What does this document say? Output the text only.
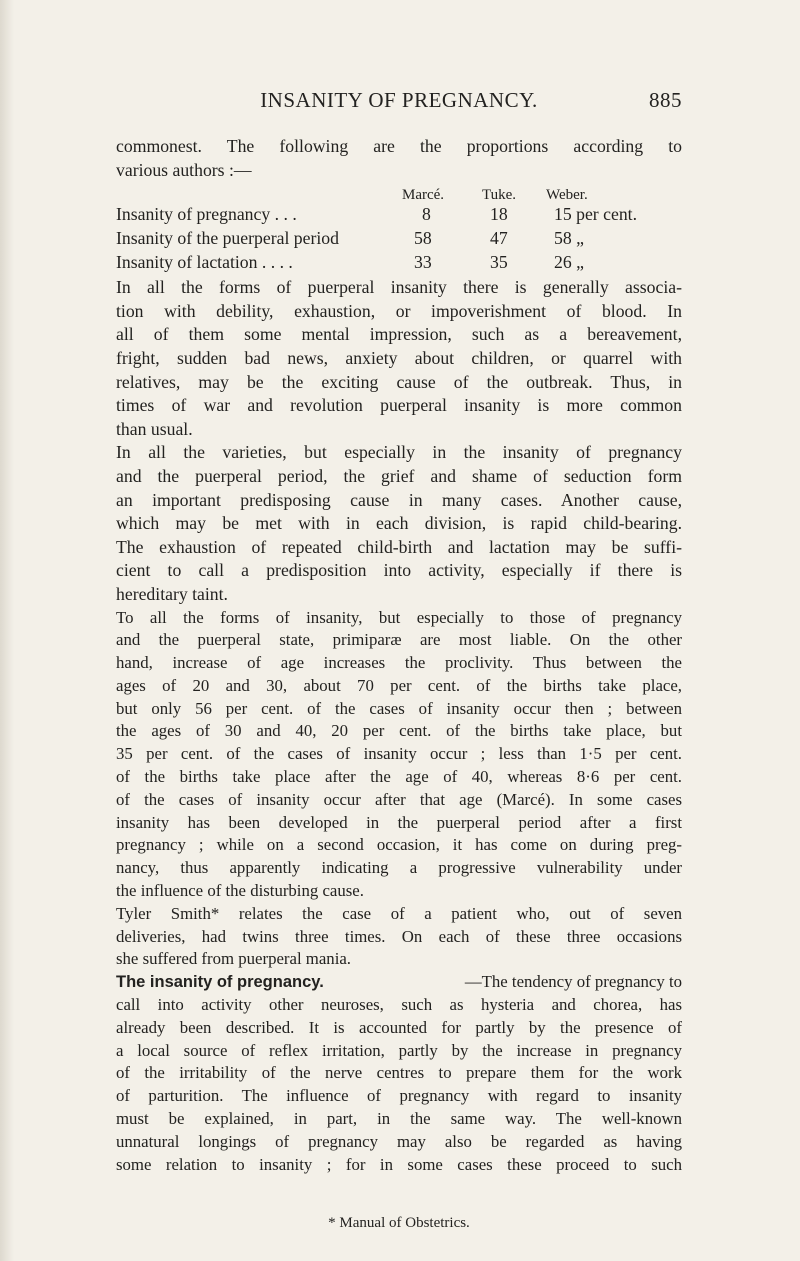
INSANITY OF PREGNANCY.	885
commonest. The following are the proportions according to
various authors :—
Marcé.	Tuke. Weber.
Insanity of pregnancy . . .	8	18	15 per cent.
Insanity of the puerperal period	58	47	58 „
Insanity of lactation . . . .	33	35	26 „
In all the forms of puerperal insanity there is generally associa-
tion with debility, exhaustion, or impoverishment of blood. In
all of them some mental impression, such as a bereavement,
fright, sudden bad news, anxiety about children, or quarrel with
relatives, may be the exciting cause of the outbreak. Thus, in
times of war and revolution puerperal insanity is more common
than usual.
In all the varieties, but especially in the insanity of pregnancy
and the puerperal period, the grief and shame of seduction form
an important predisposing cause in many cases. Another cause,
which may be met with in each division, is rapid child-bearing.
The exhaustion of repeated child-birth and lactation may be suffi-
cient to call a predisposition into activity, especially if there is
hereditary taint.
To all the forms of insanity, but especially to those of pregnancy
and the puerperal state, primiparæ are most liable. On the other
hand, increase of age increases the proclivity. Thus between the
ages of 20 and 30, about 70 per cent. of the births take place,
but only 56 per cent. of the cases of insanity occur then ; between
the ages of 30 and 40, 20 per cent. of the births take place, but
35 per cent. of the cases of insanity occur ; less than 1·5 per cent.
of the births take place after the age of 40, whereas 8·6 per cent.
of the cases of insanity occur after that age (Marcé). In some cases
insanity has been developed in the puerperal period after a first
pregnancy ; while on a second occasion, it has come on during preg-
nancy, thus apparently indicating a progressive vulnerability under
the influence of the disturbing cause.
Tyler Smith* relates the case of a patient who, out of seven
deliveries, had twins three times. On each of these three occasions
she suffered from puerperal mania.
The insanity of pregnancy.	—The tendency of pregnancy to
call into activity other neuroses, such as hysteria and chorea, has
already been described. It is accounted for partly by the presence of
a local source of reflex irritation, partly by the increase in pregnancy
of the irritability of the nerve centres to prepare them for the work
of parturition. The influence of pregnancy with regard to insanity
must be explained, in part, in the same way. The well-known
unnatural longings of pregnancy may also be regarded as having
some relation to insanity ; for in some cases these proceed to such
* Manual of Obstetrics.
